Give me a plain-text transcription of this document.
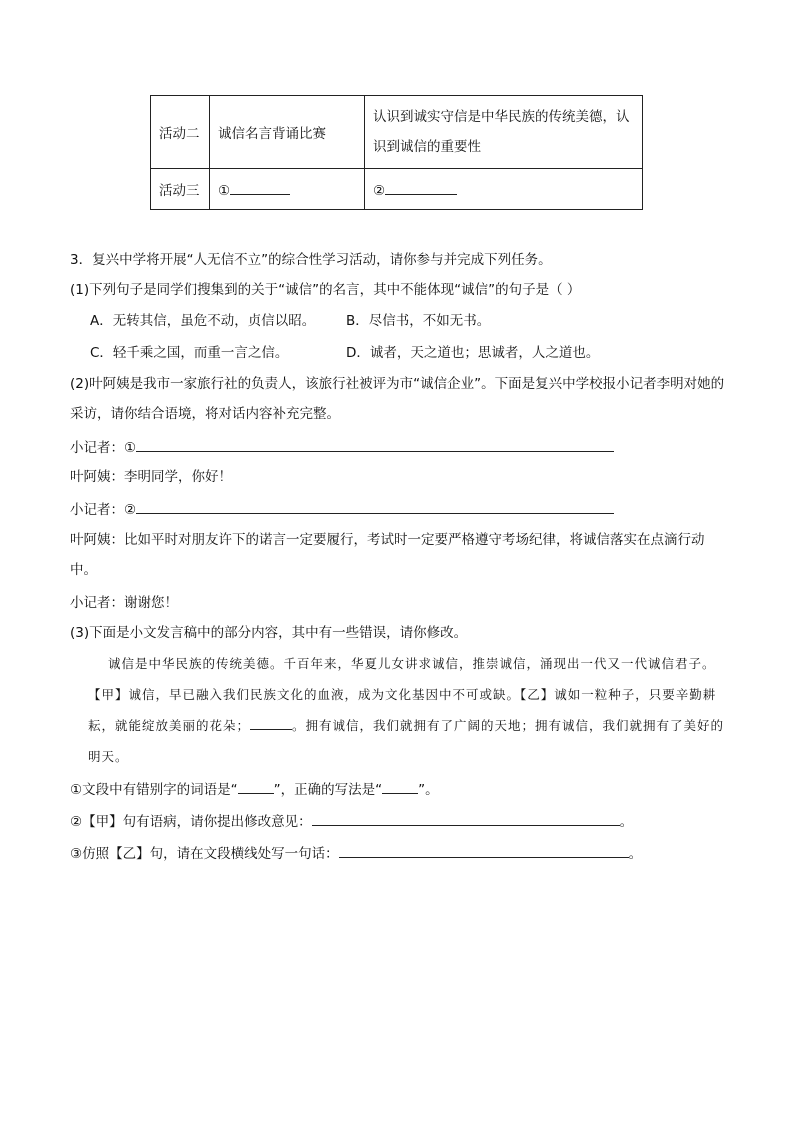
活动二	诚信名言背诵比赛	认识到诚实守信是中华民族的传统美德，认识到诚信的重要性
活动三	①	②
3．复兴中学将开展“人无信不立”的综合性学习活动，请你参与并完成下列任务。
(1)下列句子是同学们搜集到的关于“诚信”的名言，其中不能体现“诚信”的句子是（ ）
A．无转其信，虽危不动，贞信以昭。 B．尽信书，不如无书。
C．轻千乘之国，而重一言之信。	D．诚者，天之道也；思诚者，人之道也。
(2)叶阿姨是我市一家旅行社的负责人，该旅行社被评为市“诚信企业”。下面是复兴中学校报小记者李明对她的采访，请你结合语境，将对话内容补充完整。
小记者：①
叶阿姨：李明同学，你好！
小记者：②
叶阿姨：比如平时对朋友许下的诺言一定要履行，考试时一定要严格遵守考场纪律，将诚信落实在点滴行动中。
小记者：谢谢您！
(3)下面是小文发言稿中的部分内容，其中有一些错误，请你修改。

诚信是中华民族的传统美德。千百年来，华夏儿女讲求诚信，推崇诚信，涌现出一代又一代诚信君子。【甲】诚信，早已融入我们民族文化的血液，成为文化基因中不可或缺。【乙】诚如一粒种子，只要辛勤耕耘，就能绽放美丽的花朵；	。拥有诚信，我们就拥有了广阔的天地；拥有诚信，我们就拥有了美好的明天。

①文段中有错别字的词语是“	”，正确的写法是“	”。
②【甲】句有语病，请你提出修改意见：	。
③仿照【乙】句，请在文段横线处写一句话：	。
